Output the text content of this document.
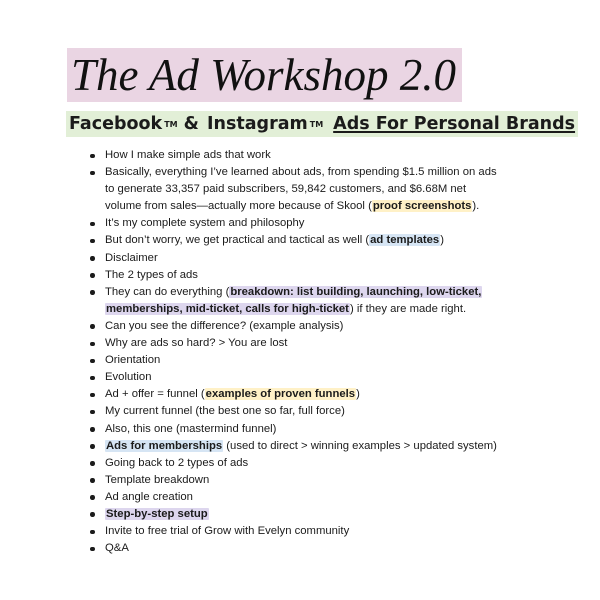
The Ad Workshop 2.0
Facebook TM & Instagram TM Ads For Personal Brands
How I make simple ads that work
Basically, everything I’ve learned about ads, from spending $1.5 million on ads
to generate 33,357 paid subscribers, 59,842 customers, and $6.68M net
volume from sales—actually more because of Skool (proof screenshots).
It’s my complete system and philosophy
But don’t worry, we get practical and tactical as well (ad templates)
Disclaimer
The 2 types of ads
They can do everything (breakdown: list building, launching, low-ticket,
memberships, mid-ticket, calls for high-ticket) if they are made right.
Can you see the difference? (example analysis)
Why are ads so hard? > You are lost
Orientation
Evolution
Ad + offer = funnel (examples of proven funnels)
My current funnel (the best one so far, full force)
Also, this one (mastermind funnel)
Ads for memberships (used to direct > winning examples > updated system)
Going back to 2 types of ads
Template breakdown
Ad angle creation
Step-by-step setup
Invite to free trial of Grow with Evelyn community
Q&A
